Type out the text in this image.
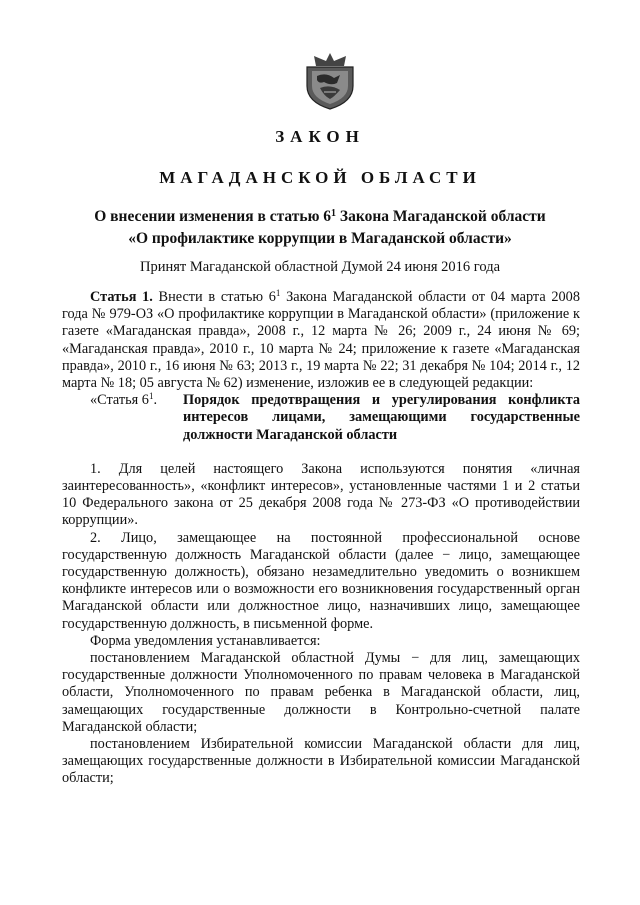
ЗАКОН
МАГАДАНСКОЙ ОБЛАСТИ
О внесении изменения в статью $6^1$ Закона Магаданской области
«О профилактике коррупции в Магаданской области»
Принят Магаданской областной Думой 24 июня 2016 года

Статья 1. Внести в статью $6^1$ Закона Магаданской области от 04 марта 2008 года № 979-ОЗ «О профилактике коррупции в Магаданской области» (приложение к газете «Магаданская правда», 2008 г., 12 марта № 26; 2009 г., 24 июня № 69; «Магаданская правда», 2010 г., 10 марта № 24; приложение к газете «Магаданская правда», 2010 г., 16 июня № 63; 2013 г., 19 марта № 22; 31 декабря № 104; 2014 г., 12 марта № 18; 05 августа № 62) изменение, изложив ее в следующей редакции:

«Статья $6^1$.	Порядок предотвращения и урегулирования конфликта интересов лицами, замещающими государственные должности Магаданской области

1. Для целей настоящего Закона используются понятия «личная заинтересованность», «конфликт интересов», установленные частями 1 и 2 статьи 10 Федерального закона от 25 декабря 2008 года № 273-ФЗ «О противодействии коррупции».

2. Лицо, замещающее на постоянной профессиональной основе государственную должность Магаданской области (далее − лицо, замещающее государственную должность), обязано незамедлительно уведомить о возникшем конфликте интересов или о возможности его возникновения государственный орган Магаданской области или должностное лицо, назначивших лицо, замещающее государственную должность, в письменной форме.

Форма уведомления устанавливается:

постановлением Магаданской областной Думы − для лиц, замещающих государственные должности Уполномоченного по правам человека в Магаданской области, Уполномоченного по правам ребенка в Магаданской области, лиц, замещающих государственные должности в Контрольно-счетной палате Магаданской области;

постановлением Избирательной комиссии Магаданской области для лиц, замещающих государственные должности в Избирательной комиссии Магаданской области;
